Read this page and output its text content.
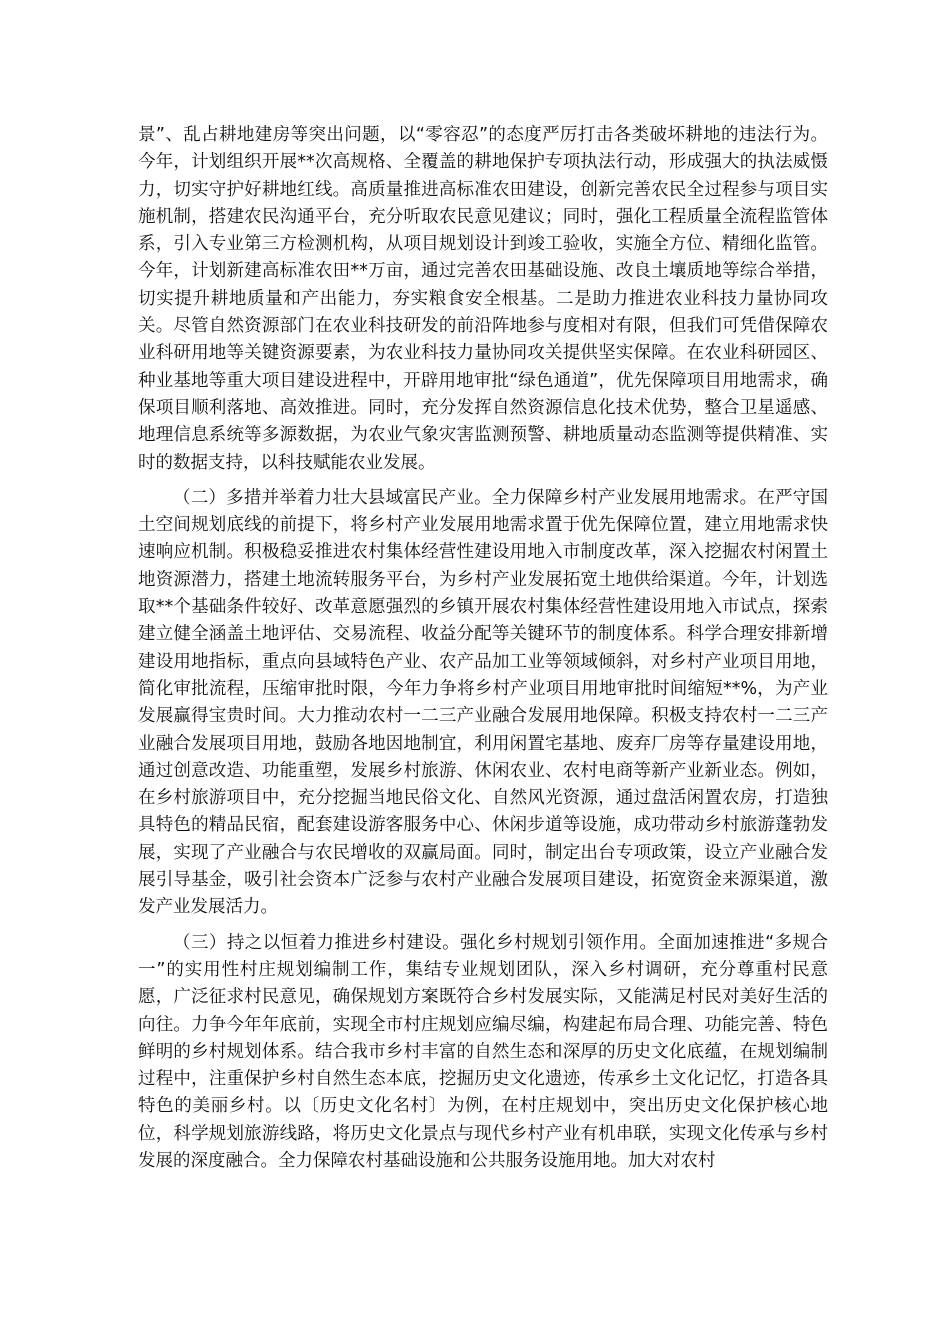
景”、乱占耕地建房等突出问题，以“零容忍”的态度严厉打击各类破坏耕地的违法行为。今年，计划组织开展**次高规格、全覆盖的耕地保护专项执法行动，形成强大的执法威慑力，切实守护好耕地红线。高质量推进高标准农田建设，创新完善农民全过程参与项目实施机制，搭建农民沟通平台，充分听取农民意见建议；同时，强化工程质量全流程监管体系，引入专业第三方检测机构，从项目规划设计到竣工验收，实施全方位、精细化监管。今年，计划新建高标准农田**万亩，通过完善农田基础设施、改良土壤质地等综合举措，切实提升耕地质量和产出能力，夯实粮食安全根基。二是助力推进农业科技力量协同攻关。尽管自然资源部门在农业科技研发的前沿阵地参与度相对有限，但我们可凭借保障农业科研用地等关键资源要素，为农业科技力量协同攻关提供坚实保障。在农业科研园区、种业基地等重大项目建设进程中，开辟用地审批“绿色通道”，优先保障项目用地需求，确保项目顺利落地、高效推进。同时，充分发挥自然资源信息化技术优势，整合卫星遥感、地理信息系统等多源数据，为农业气象灾害监测预警、耕地质量动态监测等提供精准、实时的数据支持，以科技赋能农业发展。

（二）多措并举着力壮大县域富民产业。全力保障乡村产业发展用地需求。在严守国土空间规划底线的前提下，将乡村产业发展用地需求置于优先保障位置，建立用地需求快速响应机制。积极稳妥推进农村集体经营性建设用地入市制度改革，深入挖掘农村闲置土地资源潜力，搭建土地流转服务平台，为乡村产业发展拓宽土地供给渠道。今年，计划选取**个基础条件较好、改革意愿强烈的乡镇开展农村集体经营性建设用地入市试点，探索建立健全涵盖土地评估、交易流程、收益分配等关键环节的制度体系。科学合理安排新增建设用地指标，重点向县域特色产业、农产品加工业等领域倾斜，对乡村产业项目用地，简化审批流程，压缩审批时限，今年力争将乡村产业项目用地审批时间缩短**%，为产业发展赢得宝贵时间。大力推动农村一二三产业融合发展用地保障。积极支持农村一二三产业融合发展项目用地，鼓励各地因地制宜，利用闲置宅基地、废弃厂房等存量建设用地，通过创意改造、功能重塑，发展乡村旅游、休闲农业、农村电商等新产业新业态。例如，在乡村旅游项目中，充分挖掘当地民俗文化、自然风光资源，通过盘活闲置农房，打造独具特色的精品民宿，配套建设游客服务中心、休闲步道等设施，成功带动乡村旅游蓬勃发展，实现了产业融合与农民增收的双赢局面。同时，制定出台专项政策，设立产业融合发展引导基金，吸引社会资本广泛参与农村产业融合发展项目建设，拓宽资金来源渠道，激发产业发展活力。

（三）持之以恒着力推进乡村建设。强化乡村规划引领作用。全面加速推进“多规合一”的实用性村庄规划编制工作，集结专业规划团队，深入乡村调研，充分尊重村民意愿，广泛征求村民意见，确保规划方案既符合乡村发展实际，又能满足村民对美好生活的向往。力争今年年底前，实现全市村庄规划应编尽编，构建起布局合理、功能完善、特色鲜明的乡村规划体系。结合我市乡村丰富的自然生态和深厚的历史文化底蕴，在规划编制过程中，注重保护乡村自然生态本底，挖掘历史文化遗迹，传承乡土文化记忆，打造各具特色的美丽乡村。以〔历史文化名村〕为例，在村庄规划中，突出历史文化保护核心地位，科学规划旅游线路，将历史文化景点与现代乡村产业有机串联，实现文化传承与乡村发展的深度融合。全力保障农村基础设施和公共服务设施用地。加大对农村
